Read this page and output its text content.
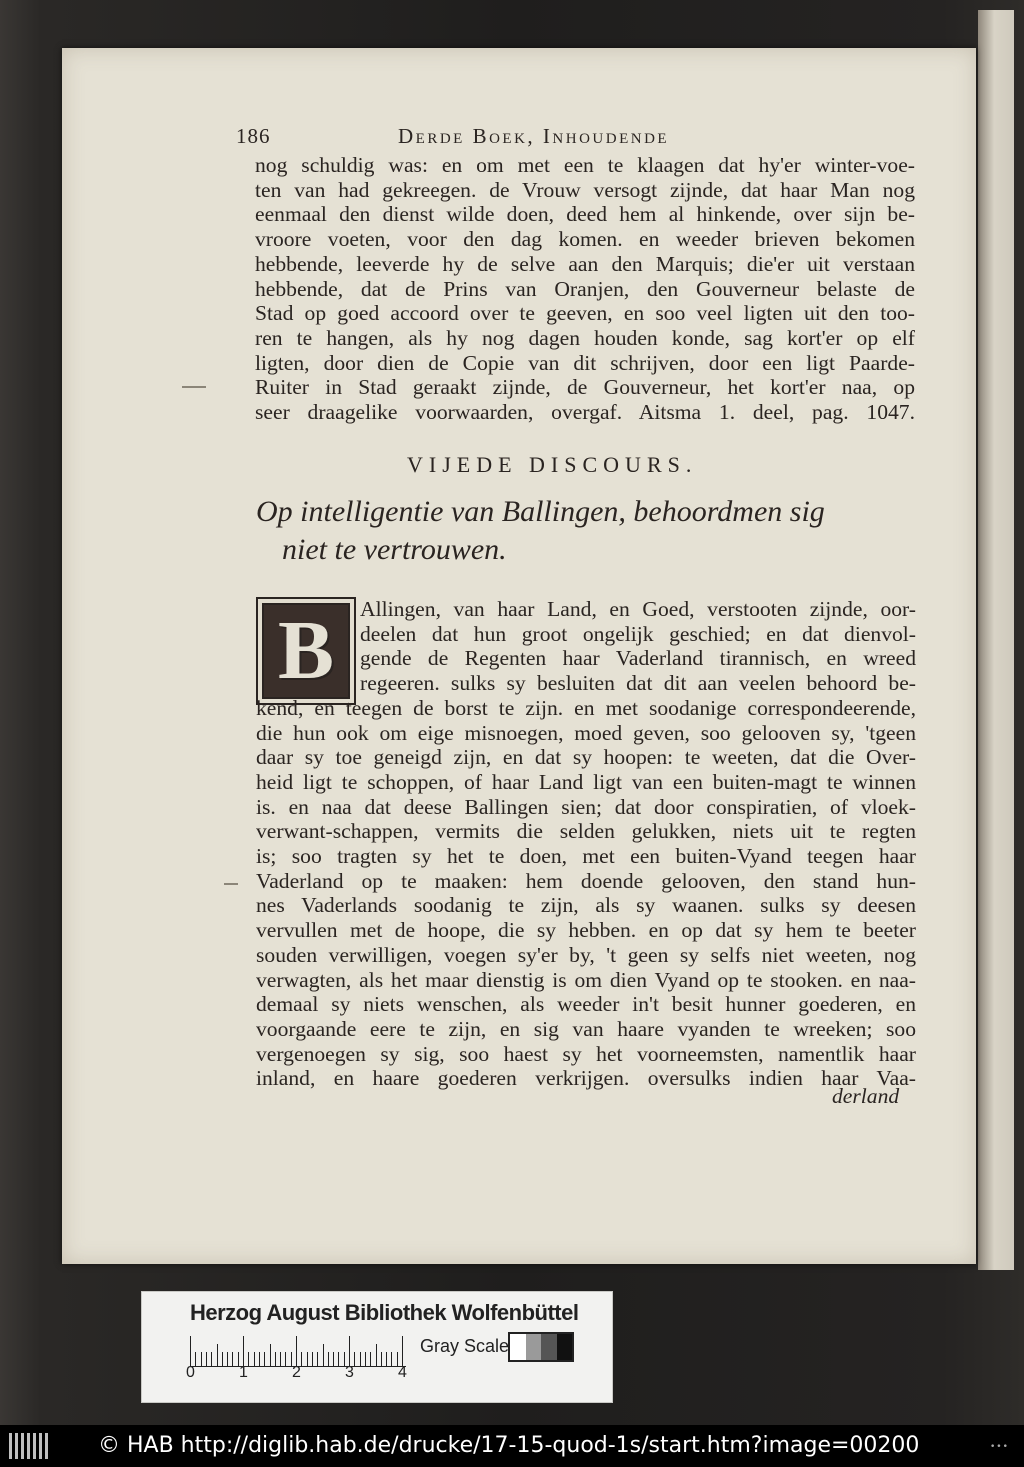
186	Derde Boek, Inhoudende

nog schuldig was: en om met een te klaagen dat hy'er winter-voe-

ten van had gekreegen. de Vrouw versogt zijnde, dat haar Man nog

eenmaal den dienst wilde doen, deed hem al hinkende, over sijn be-

vroore voeten, voor den dag komen. en weeder brieven bekomen

hebbende, leeverde hy de selve aan den Marquis; die'er uit verstaan

hebbende, dat de Prins van Oranjen, den Gouverneur belaste de

Stad op goed accoord over te geeven, en soo veel ligten uit den too-

ren te hangen, als hy nog dagen houden konde, sag kort'er op elf

ligten, door dien de Copie van dit schrijven, door een ligt Paarde-

Ruiter in Stad geraakt zijnde, de Gouverneur, het kort'er naa, op

seer draagelike voorwaarden, overgaf. Aitsma 1. deel, pag. 1047.

VIJEDE DISCOURS.
Op intelligentie van Ballingen, behoordmen sig
niet te vertrouwen.
B	Allingen, van haar Land, en Goed, verstooten zijnde, oor-

deelen dat hun groot ongelijk geschied; en dat dienvol-

gende de Regenten haar Vaderland tirannisch, en wreed

regeeren. sulks sy besluiten dat dit aan veelen behoord be-

kend, en teegen de borst te zijn. en met soodanige correspondeerende,

die hun ook om eige misnoegen, moed geven, soo gelooven sy, 'tgeen

daar sy toe geneigd zijn, en dat sy hoopen: te weeten, dat die Over-

heid ligt te schoppen, of haar Land ligt van een buiten-magt te winnen

is. en naa dat deese Ballingen sien; dat door conspiratien, of vloek-

verwant-schappen, vermits die selden gelukken, niets uit te regten

is; soo tragten sy het te doen, met een buiten-Vyand teegen haar

Vaderland op te maaken: hem doende gelooven, den stand hun-

nes Vaderlands soodanig te zijn, als sy waanen. sulks sy deesen

vervullen met de hoope, die sy hebben. en op dat sy hem te beeter

souden verwilligen, voegen sy'er by, 't geen sy selfs niet weeten, nog

verwagten, als het maar dienstig is om dien Vyand op te stooken. en naa-

demaal sy niets wenschen, als weeder in't besit hunner goederen, en

voorgaande eere te zijn, en sig van haare vyanden te wreeken; soo

vergenoegen sy sig, soo haest sy het voorneemsten, namentlik haar

inland, en haare goederen verkrijgen. oversulks indien haar Vaa-

derland
Herzog August Bibliothek Wolfenbüttel
0	1	2	3	4
Gray Scale
© HAB http://diglib.hab.de/drucke/17-15-quod-1s/start.htm?image=00200	•••
